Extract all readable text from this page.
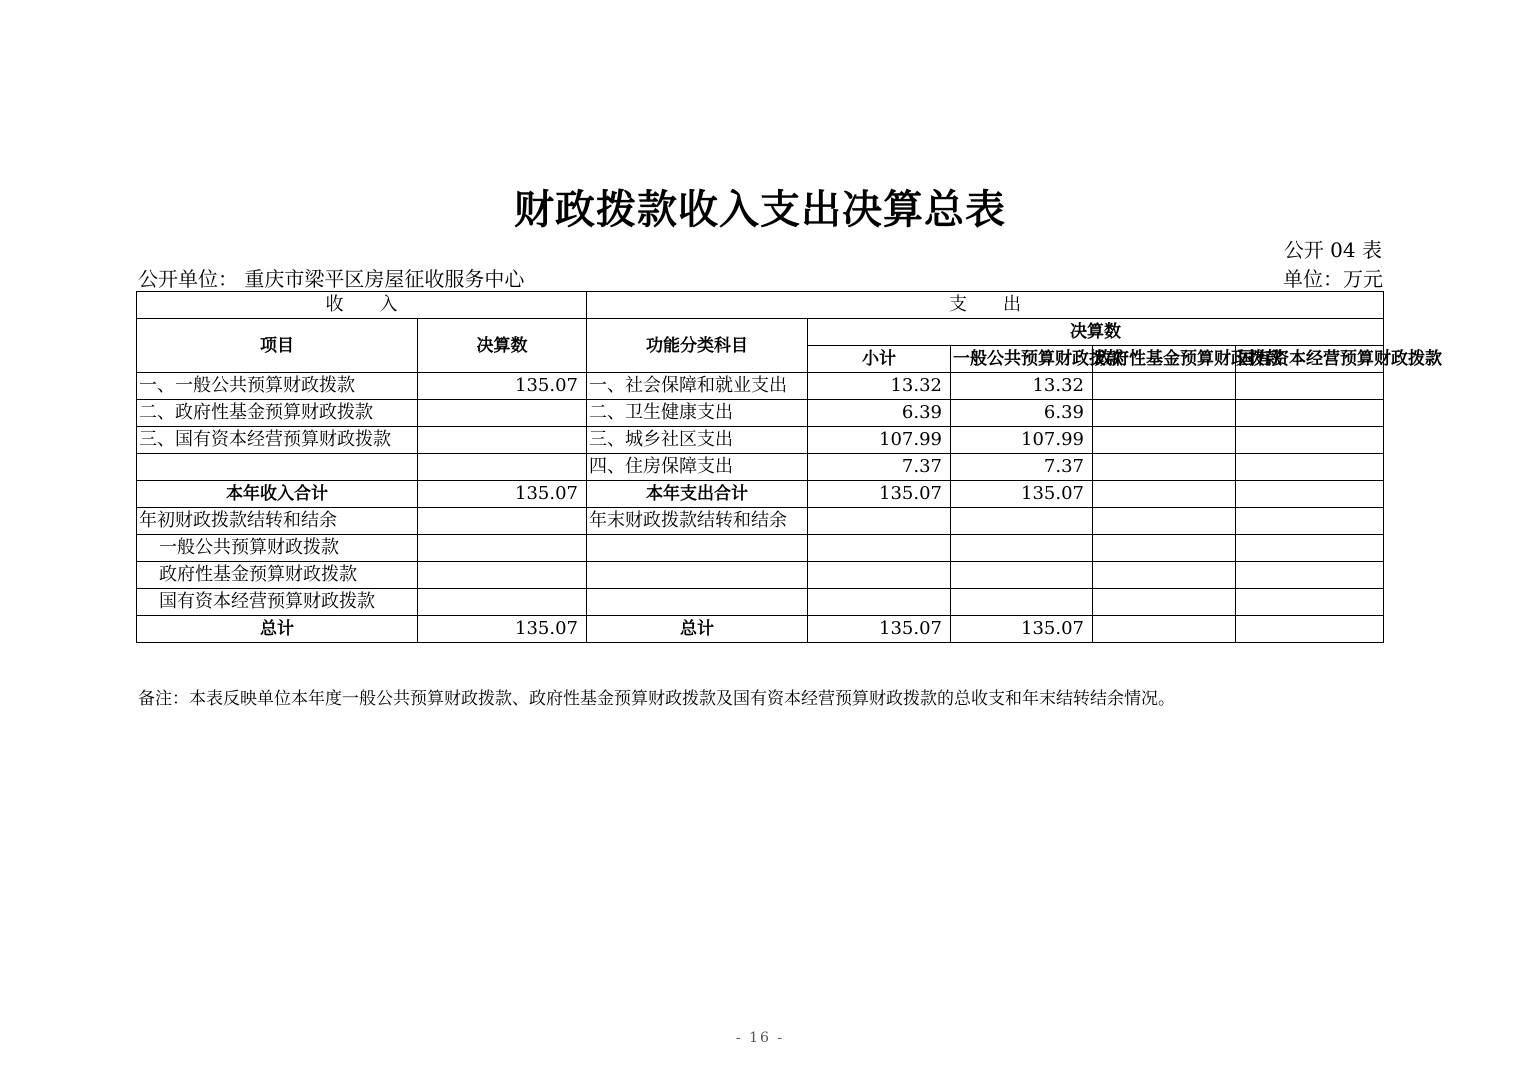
财政拨款收入支出决算总表
公开 04 表
公开单位： 重庆市梁平区房屋征收服务中心	单位：万元
收　　入		支　　出				
项目	决算数	功能分类科目	决算数			
			小计	一般公共预算财政拨款	政府性基金预算财政拨款	国有资本经营预算财政拨款
一、一般公共预算财政拨款	135.07	一、社会保障和就业支出	13.32	13.32		
二、政府性基金预算财政拨款		二、卫生健康支出	6.39	6.39		
三、国有资本经营预算财政拨款		三、城乡社区支出	107.99	107.99		
		四、住房保障支出	7.37	7.37		
本年收入合计	135.07	本年支出合计	135.07	135.07		
年初财政拨款结转和结余		年末财政拨款结转和结余				
一般公共预算财政拨款						
政府性基金预算财政拨款						
国有资本经营预算财政拨款						
总计	135.07	总计	135.07	135.07		
备注：本表反映单位本年度一般公共预算财政拨款、政府性基金预算财政拨款及国有资本经营预算财政拨款的总收支和年末结转结余情况。
- 16 -
